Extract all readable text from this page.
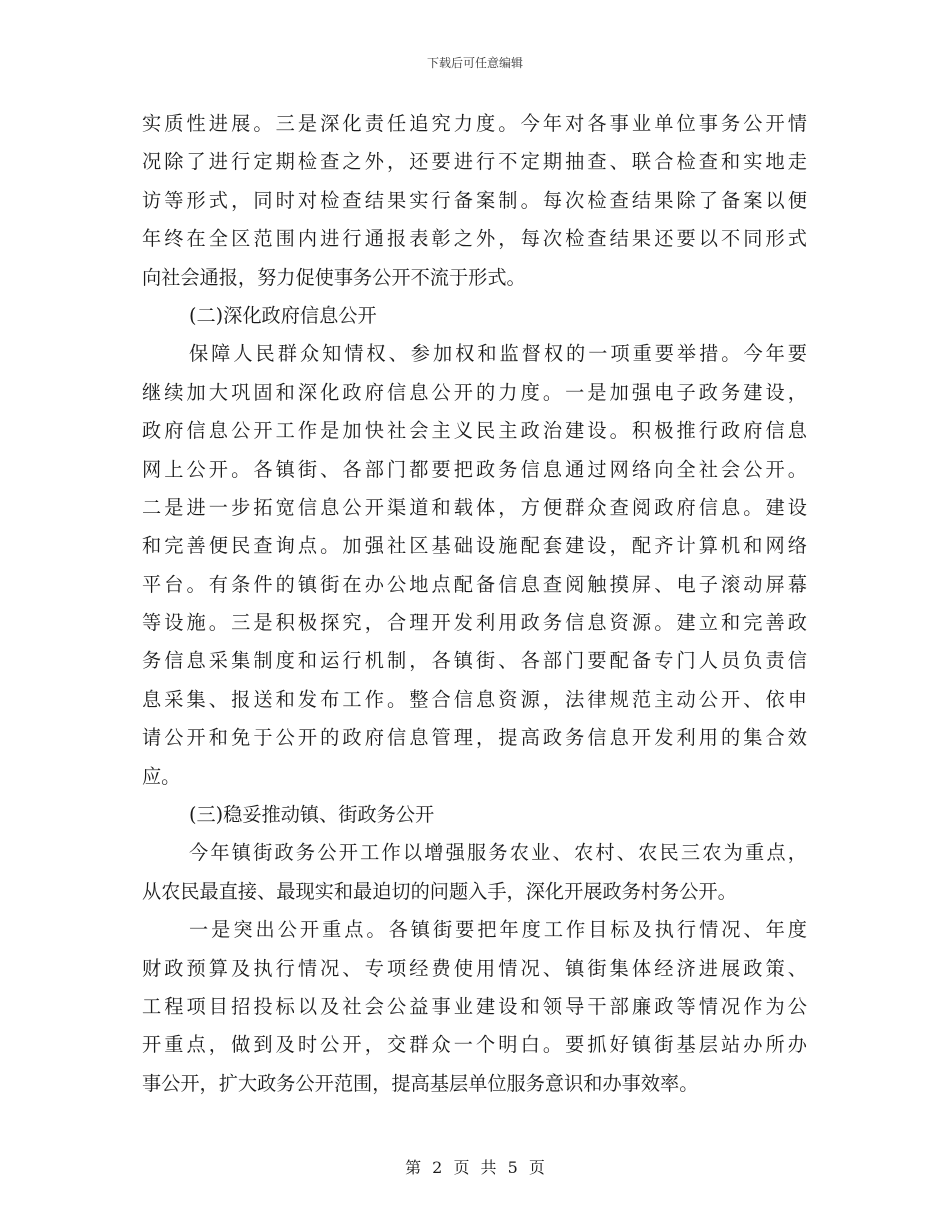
下载后可任意编辑
实质性进展。三是深化责任追究力度。今年对各事业单位事务公开情
况除了进行定期检查之外，还要进行不定期抽查、联合检查和实地走
访等形式，同时对检查结果实行备案制。每次检查结果除了备案以便
年终在全区范围内进行通报表彰之外，每次检查结果还要以不同形式
向社会通报，努力促使事务公开不流于形式。
(二)深化政府信息公开
保障人民群众知情权、参加权和监督权的一项重要举措。今年要
继续加大巩固和深化政府信息公开的力度。一是加强电子政务建设，
政府信息公开工作是加快社会主义民主政治建设。积极推行政府信息
网上公开。各镇街、各部门都要把政务信息通过网络向全社会公开。
二是进一步拓宽信息公开渠道和载体，方便群众查阅政府信息。建设
和完善便民查询点。加强社区基础设施配套建设，配齐计算机和网络
平台。有条件的镇街在办公地点配备信息查阅触摸屏、电子滚动屏幕
等设施。三是积极探究，合理开发利用政务信息资源。建立和完善政
务信息采集制度和运行机制，各镇街、各部门要配备专门人员负责信
息采集、报送和发布工作。整合信息资源，法律规范主动公开、依申
请公开和免于公开的政府信息管理，提高政务信息开发利用的集合效
应。
(三)稳妥推动镇、街政务公开
今年镇街政务公开工作以增强服务农业、农村、农民三农为重点，
从农民最直接、最现实和最迫切的问题入手，深化开展政务村务公开。
一是突出公开重点。各镇街要把年度工作目标及执行情况、年度
财政预算及执行情况、专项经费使用情况、镇街集体经济进展政策、
工程项目招投标以及社会公益事业建设和领导干部廉政等情况作为公
开重点，做到及时公开，交群众一个明白。要抓好镇街基层站办所办
事公开，扩大政务公开范围，提高基层单位服务意识和办事效率。
第 2 页 共 5 页
